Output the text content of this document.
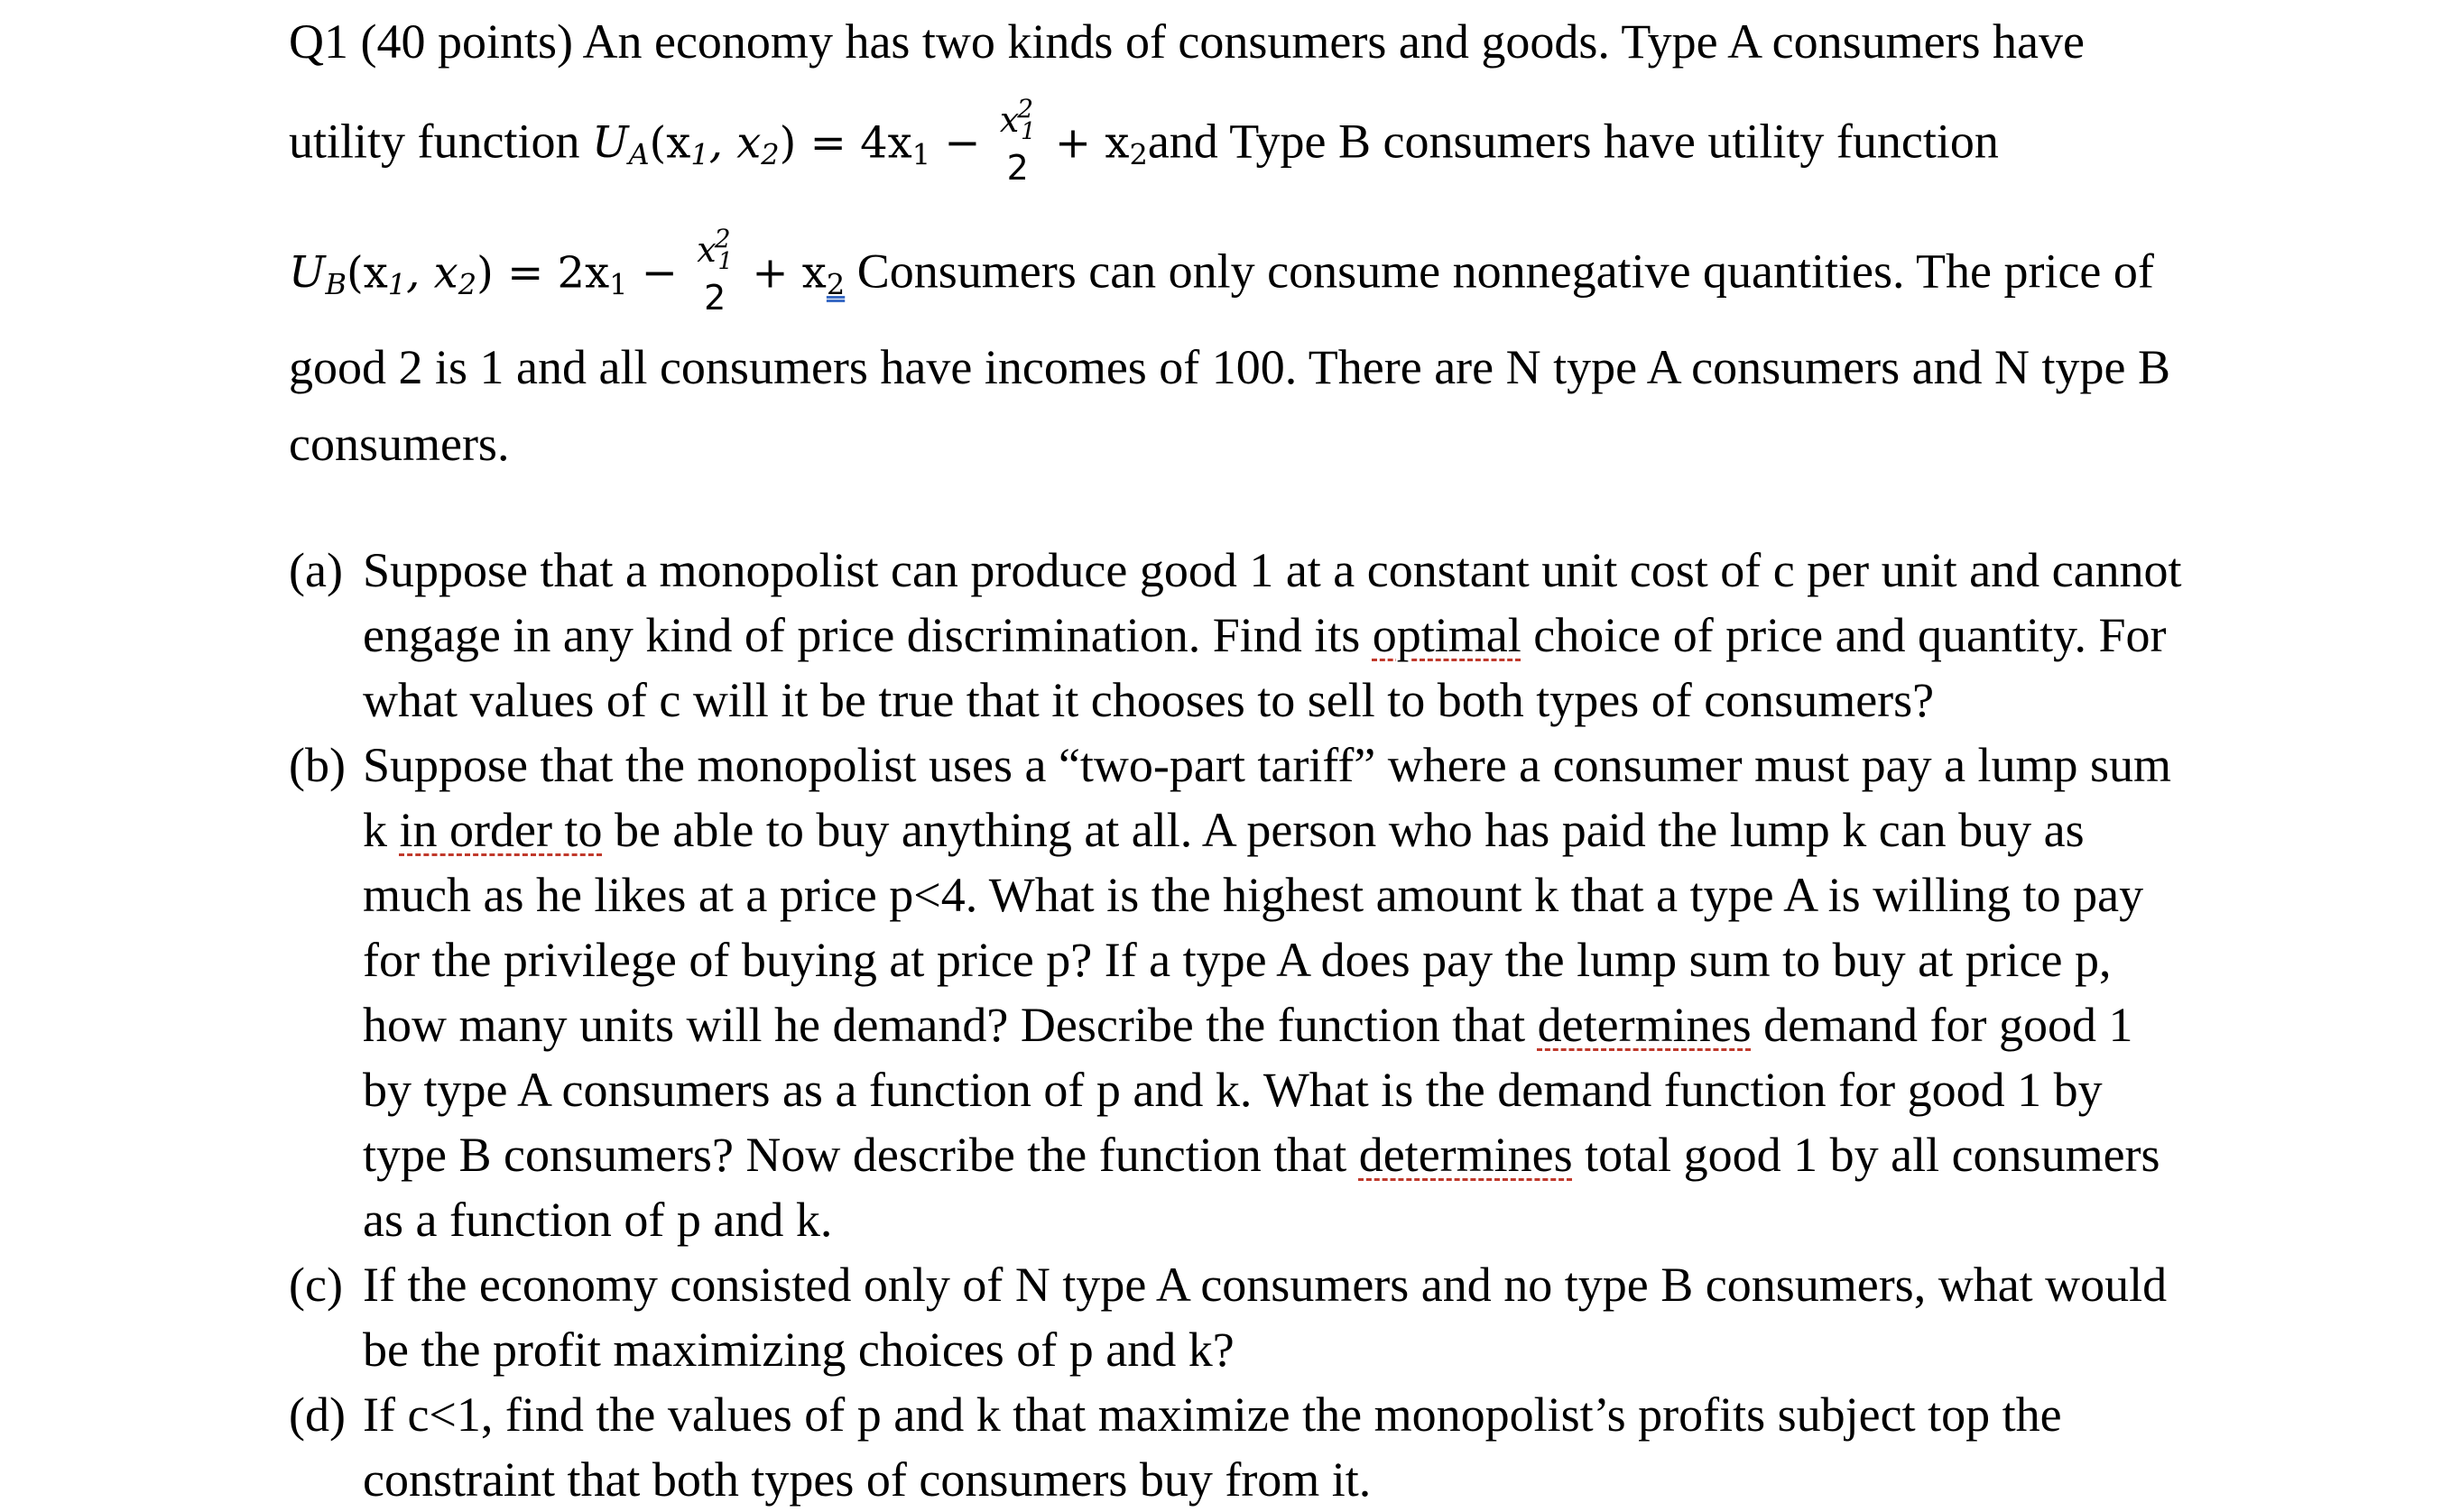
Q1 (40 points) An economy has two kinds of consumers and goods. Type A consumers have
utility function $U_A(x_1$, $x_2) = 4x_1 - x^2_1$
$2 + x_2and$ Type B consumers have utility function
$U_B(x_1$, $x_2) = 2x_1 - x^2_1$
$2 + x_2$ Consumers can only consume nonnegative quantities. The price of
good 2 is 1 and all consumers have incomes of 100. There are N type A consumers and N type B
consumers.
(a) Suppose that a monopolist can produce good 1 at a constant unit cost of c per unit and cannot
engage in any kind of price discrimination. Find its optimal choice of price and quantity. For
what values of c will it be true that it chooses to sell to both types of consumers?
(b) Suppose that the monopolist uses a “two-part tariff” where a consumer must pay a lump sum
k in order to be able to buy anything at all. A person who has paid the lump k can buy as
much as he likes at a price p<4. What is the highest amount k that a type A is willing to pay
for the privilege of buying at price p? If a type A does pay the lump sum to buy at price p,
how many units will he demand? Describe the function that determines demand for good 1
by type A consumers as a function of p and k. What is the demand function for good 1 by
type B consumers? Now describe the function that determines total good 1 by all consumers
as a function of p and k.
(c) If the economy consisted only of N type A consumers and no type B consumers, what would
be the profit maximizing choices of p and k?
(d) If c<1, find the values of p and k that maximize the monopolist’s profits subject top the
constraint that both types of consumers buy from it.
